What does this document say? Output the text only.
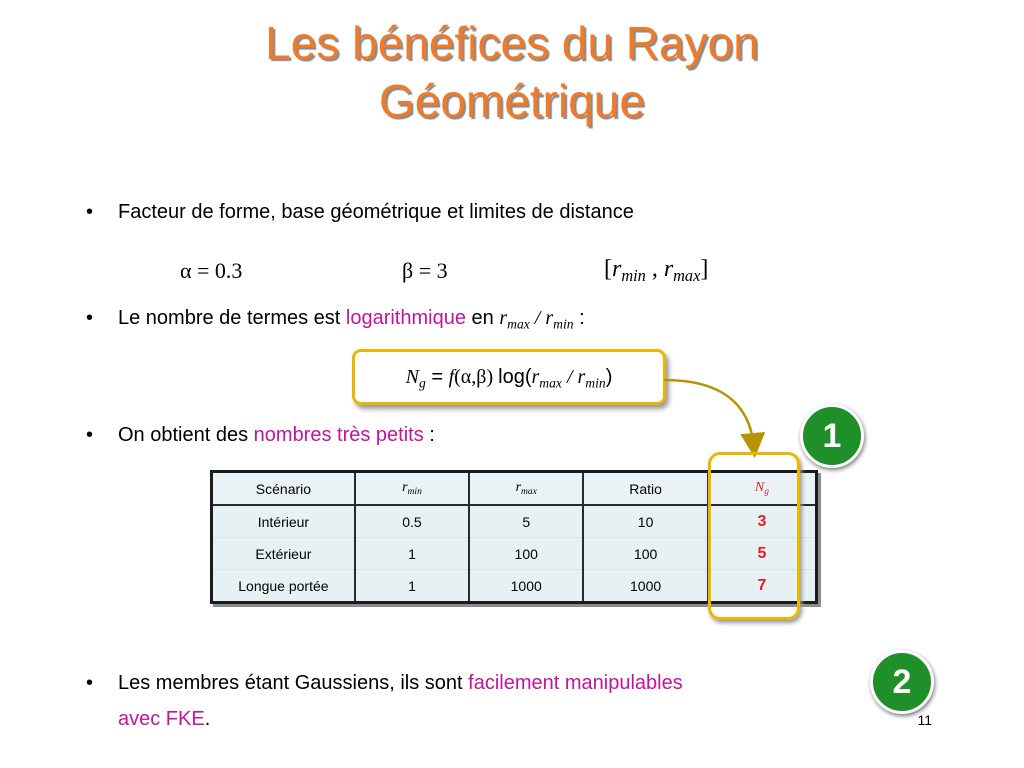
Les bénéfices du Rayon
Géométrique
• Facteur de forme, base géométrique et limites de distance
α = 0.3	β = 3	[$r_{min}$ , $r_{max}$]
• Le nombre de termes est logarithmique en $r_{max} / r_{min}$ :
$N_g = f(\alpha,\beta)$ $\log(r_{max} / r_{min})$
1
• On obtient des nombres très petits :
Scénario	$r_{min}$	$r_{max}$	Ratio	$N_g$
Intérieur	0.5	5	10	3
Extérieur	1	100	100	5
Longue portée	1	1000	1000	7
• Les membres étant Gaussiens, ils sont facilement manipulables
avec FKE.
2
11
